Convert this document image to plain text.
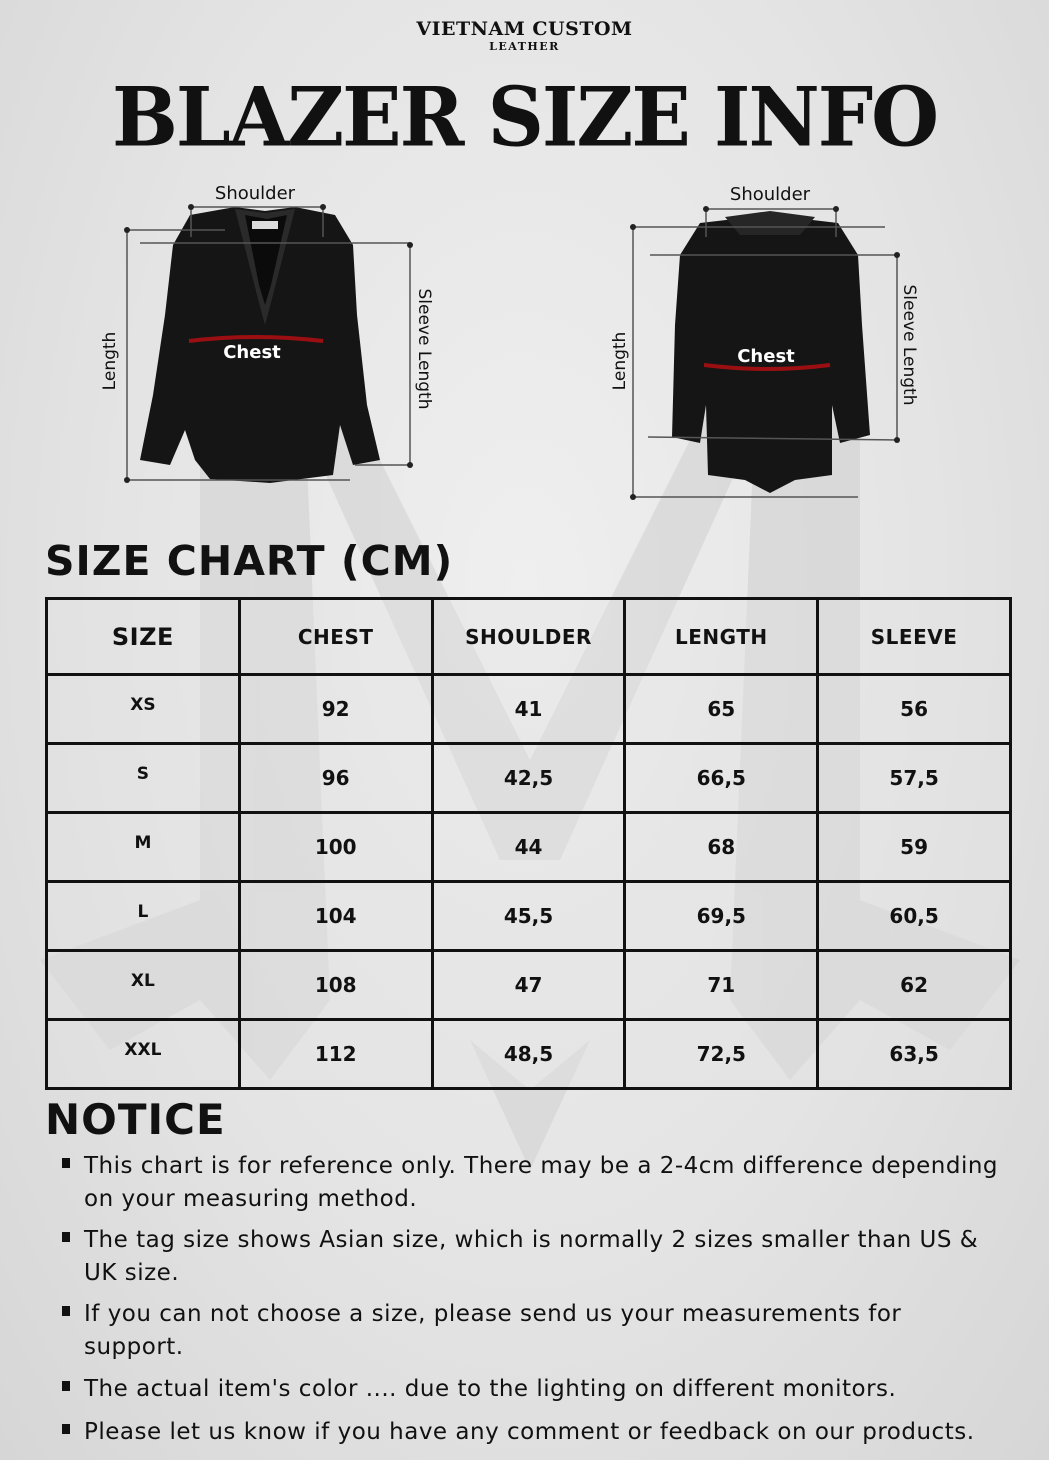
VIETNAM CUSTOM
LEATHER
BLAZER SIZE INFO
Shoulder
Chest
Length	Sleeve Length
Shoulder
Chest
Length	Sleeve Length
SIZE CHART (CM)
SIZE	CHEST	SHOULDER	LENGTH	SLEEVE
XS	92	41	65	56
S	96	42,5	66,5	57,5
M	100	44	68	59
L	104	45,5	69,5	60,5
XL	108	47	71	62
XXL	112	48,5	72,5	63,5
NOTICE
This chart is for reference only. There may be a 2-4cm difference depending on your measuring method.
The tag size shows Asian size, which is normally 2 sizes smaller than US & UK size.
If you can not choose a size, please send us your measurements for support.
The actual item's color .... due to the lighting on different monitors.
Please let us know if you have any comment or feedback on our products.
